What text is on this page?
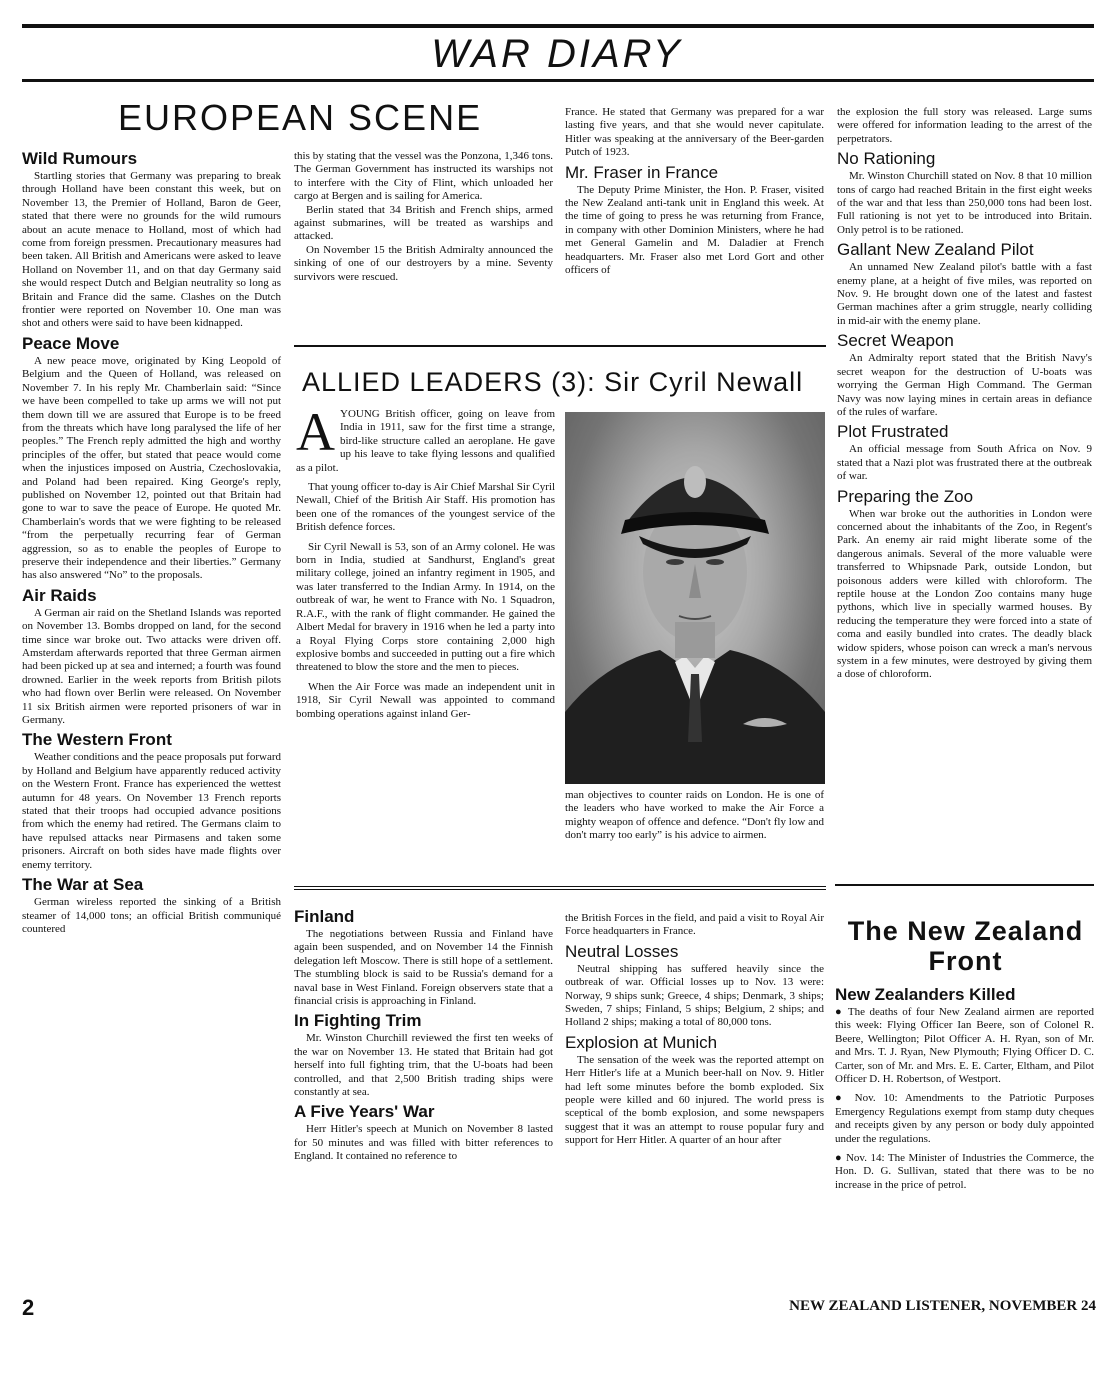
WAR DIARY
EUROPEAN SCENE
Wild Rumours

Startling stories that Germany was preparing to break through Holland have been constant this week, but on November 13, the Premier of Holland, Baron de Geer, stated that there were no grounds for the wild rumours about an acute menace to Holland, most of which had come from foreign pressmen. Precautionary measures had been taken. All British and Americans were asked to leave Holland on November 11, and on that day Germany said she would respect Dutch and Belgian neutrality so long as Britain and France did the same. Clashes on the Dutch frontier were reported on November 10. One man was shot and others were said to have been kidnapped.

Peace Move

A new peace move, originated by King Leopold of Belgium and the Queen of Holland, was released on November 7. In his reply Mr. Chamberlain said: “Since we have been compelled to take up arms we will not put them down till we are assured that Europe is to be freed from the threats which have long paralysed the life of her peoples.” The French reply admitted the high and worthy principles of the offer, but stated that peace would come when the injustices imposed on Austria, Czechoslovakia, and Poland had been repaired. King George's reply, published on November 12, pointed out that Britain had gone to war to save the peace of Europe. He quoted Mr. Chamberlain's words that we were fighting to be released “from the perpetually recurring fear of German aggression, so as to enable the peoples of Europe to preserve their independence and their liberties.” Germany has also answered “No” to the proposals.

Air Raids

A German air raid on the Shetland Islands was reported on November 13. Bombs dropped on land, for the second time since war broke out. Two attacks were driven off. Amsterdam afterwards reported that three German airmen had been picked up at sea and interned; a fourth was found drowned. Earlier in the week reports from British pilots who had flown over Berlin were released. On November 11 six British airmen were reported prisoners of war in Germany.

The Western Front

Weather conditions and the peace proposals put forward by Holland and Belgium have apparently reduced activity on the Western Front. France has experienced the wettest autumn for 48 years. On November 13 French reports stated that their troops had occupied advance positions from which the enemy had retired. The Germans claim to have repulsed attacks near Pirmasens and taken some prisoners. Aircraft on both sides have made flights over enemy territory.

The War at Sea

German wireless reported the sinking of a British steamer of 14,000 tons; an official British communiqué countered

this by stating that the vessel was the Ponzona, 1,346 tons. The German Government has instructed its warships not to interfere with the City of Flint, which unloaded her cargo at Bergen and is sailing for America.

Berlin stated that 34 British and French ships, armed against submarines, will be treated as warships and attacked.

On November 15 the British Admiralty announced the sinking of one of our destroyers by a mine. Seventy survivors were rescued.

France. He stated that Germany was prepared for a war lasting five years, and that she would never capitulate. Hitler was speaking at the anniversary of the Beer-garden Putch of 1923.

Mr. Fraser in France

The Deputy Prime Minister, the Hon. P. Fraser, visited the New Zealand anti-tank unit in England this week. At the time of going to press he was returning from France, in company with other Dominion Ministers, where he had met General Gamelin and M. Daladier at French headquarters. Mr. Fraser also met Lord Gort and other officers of

the explosion the full story was released. Large sums were offered for information leading to the arrest of the perpetrators.

No Rationing

Mr. Winston Churchill stated on Nov. 8 that 10 million tons of cargo had reached Britain in the first eight weeks of the war and that less than 250,000 tons had been lost. Full rationing is not yet to be introduced into Britain. Only petrol is to be rationed.

Gallant New Zealand Pilot

An unnamed New Zealand pilot's battle with a fast enemy plane, at a height of five miles, was reported on Nov. 9. He brought down one of the latest and fastest German machines after a grim struggle, nearly colliding in mid-air with the enemy plane.

Secret Weapon

An Admiralty report stated that the British Navy's secret weapon for the destruction of U-boats was worrying the German High Command. The German Navy was now laying mines in certain areas in defiance of the rules of warfare.

Plot Frustrated

An official message from South Africa on Nov. 9 stated that a Nazi plot was frustrated there at the outbreak of war.

Preparing the Zoo

When war broke out the authorities in London were concerned about the inhabitants of the Zoo, in Regent's Park. An enemy air raid might liberate some of the dangerous animals. Several of the more valuable were transferred to Whipsnade Park, outside London, but poisonous adders were killed with chloroform. The reptile house at the London Zoo contains many huge pythons, which live in specially warmed houses. By reducing the temperature they were forced into a state of coma and easily bundled into crates. The deadly black widow spiders, whose poison can wreck a man's nervous system in a few minutes, were destroyed by giving them a dose of chloroform.

ALLIED LEADERS (3): Sir Cyril Newall
A YOUNG British officer, going on leave from India in 1911, saw for the first time a strange, bird-like structure called an aeroplane. He gave up his leave to take flying lessons and qualified as a pilot.

That young officer to-day is Air Chief Marshal Sir Cyril Newall, Chief of the British Air Staff. His promotion has been one of the romances of the youngest service of the British defence forces.

Sir Cyril Newall is 53, son of an Army colonel. He was born in India, studied at Sandhurst, England's great military college, joined an infantry regiment in 1905, and was later transferred to the Indian Army. In 1914, on the outbreak of war, he went to France with No. 1 Squadron, R.A.F., with the rank of flight commander. He gained the Albert Medal for bravery in 1916 when he led a party into a Royal Flying Corps store containing 2,000 high explosive bombs and succeeded in putting out a fire which threatened to blow the store and the men to pieces.

When the Air Force was made an independent unit in 1918, Sir Cyril Newall was appointed to command bombing operations against inland Ger-

man objectives to counter raids on London. He is one of the leaders who have worked to make the Air Force a mighty weapon of offence and defence. “Don't fly low and don't marry too early” is his advice to airmen.

Finland

The negotiations between Russia and Finland have again been suspended, and on November 14 the Finnish delegation left Moscow. There is still hope of a settlement. The stumbling block is said to be Russia's demand for a naval base in West Finland. Foreign observers state that a financial crisis is approaching in Finland.

In Fighting Trim

Mr. Winston Churchill reviewed the first ten weeks of the war on November 13. He stated that Britain had got herself into full fighting trim, that the U-boats had been controlled, and that 2,500 British trading ships were constantly at sea.

A Five Years' War

Herr Hitler's speech at Munich on November 8 lasted for 50 minutes and was filled with bitter references to England. It contained no reference to

the British Forces in the field, and paid a visit to Royal Air Force headquarters in France.

Neutral Losses

Neutral shipping has suffered heavily since the outbreak of war. Official losses up to Nov. 13 were: Norway, 9 ships sunk; Greece, 4 ships; Denmark, 3 ships; Sweden, 7 ships; Finland, 5 ships; Belgium, 2 ships; and Holland 2 ships; making a total of 80,000 tons.

Explosion at Munich

The sensation of the week was the reported attempt on Herr Hitler's life at a Munich beer-hall on Nov. 9. Hitler had left some minutes before the bomb exploded. Six people were killed and 60 injured. The world press is sceptical of the bomb explosion, and some newspapers suggest that it was an attempt to rouse popular fury and support for Herr Hitler. A quarter of an hour after

The New Zealand Front
New Zealanders Killed

● The deaths of four New Zealand airmen are reported this week: Flying Officer Ian Beere, son of Colonel R. Beere, Wellington; Pilot Officer A. H. Ryan, son of Mr. and Mrs. T. J. Ryan, New Plymouth; Flying Officer D. C. Carter, son of Mr. and Mrs. E. E. Carter, Eltham, and Pilot Officer D. H. Robertson, of Westport.

● Nov. 10: Amendments to the Patriotic Purposes Emergency Regulations exempt from stamp duty cheques and receipts given by any person or body duly appointed under the regulations.

● Nov. 14: The Minister of Industries the Commerce, the Hon. D. G. Sullivan, stated that there was to be no increase in the price of petrol.

2	NEW ZEALAND LISTENER, NOVEMBER 24
